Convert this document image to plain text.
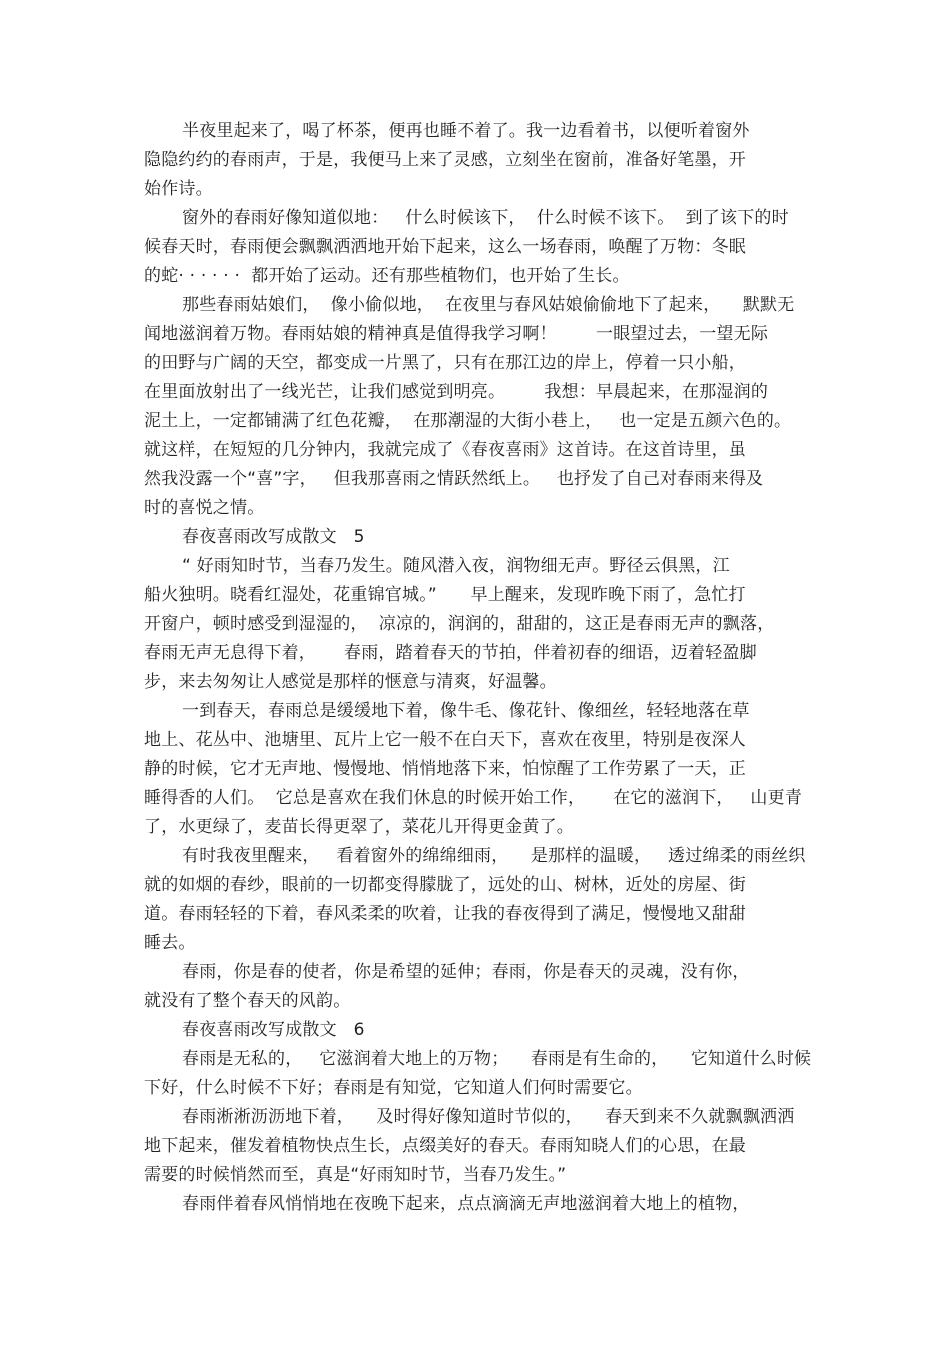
半夜里起来了，喝了杯茶，便再也睡不着了。我一边看着书，以便听着窗外
隐隐约约的春雨声，于是，我便马上来了灵感，立刻坐在窗前，准备好笔墨，开
始作诗。
窗外的春雨好像知道似地：   什么时候该下，  什么时候不该下。  到了该下的时
候春天时，春雨便会飘飘洒洒地开始下起来，这么一场春雨，唤醒了万物：冬眠
的蛇· · · · · ·  都开始了运动。还有那些植物们，也开始了生长。
那些春雨姑娘们，  像小偷似地，  在夜里与春风姑娘偷偷地下了起来，    默默无
闻地滋润着万物。春雨姑娘的精神真是值得我学习啊！       一眼望过去，一望无际
的田野与广阔的天空，都变成一片黑了，只有在那江边的岸上，停着一只小船，
在里面放射出了一线光芒，让我们感觉到明亮。       我想：早晨起来，在那湿润的
泥土上，一定都铺满了红色花瓣，  在那潮湿的大街小巷上，   也一定是五颜六色的。
就这样，在短短的几分钟内，我就完成了《春夜喜雨》这首诗。在这首诗里，虽
然我没露一个“喜”字，   但我那喜雨之情跃然纸上。   也抒发了自己对春雨来得及
时的喜悦之情。
春夜喜雨改写成散文   5
“ 好雨知时节，当春乃发生。随风潜入夜，润物细无声。野径云俱黑，江
船火独明。晓看红湿处，花重锦官城。”      早上醒来，发现昨晚下雨了，急忙打
开窗户，顿时感受到湿湿的，  凉凉的，润润的，甜甜的，这正是春雨无声的飘落，
春雨无声无息得下着，     春雨，踏着春天的节拍，伴着初春的细语，迈着轻盈脚
步，来去匆匆让人感觉是那样的惬意与清爽，好温馨。
一到春天，春雨总是缓缓地下着，像牛毛、像花针、像细丝，轻轻地落在草
地上、花丛中、池塘里、瓦片上它一般不在白天下，喜欢在夜里，特别是夜深人
静的时候，它才无声地、慢慢地、悄悄地落下来，怕惊醒了工作劳累了一天，正
睡得香的人们。  它总是喜欢在我们休息的时候开始工作，     在它的滋润下，   山更青
了，水更绿了，麦苗长得更翠了，菜花儿开得更金黄了。
有时我夜里醒来，   看着窗外的绵绵细雨，    是那样的温暖，   透过绵柔的雨丝织
就的如烟的春纱，眼前的一切都变得朦胧了，远处的山、树林，近处的房屋、街
道。春雨轻轻的下着，春风柔柔的吹着，让我的春夜得到了满足，慢慢地又甜甜
睡去。
春雨，你是春的使者，你是希望的延伸；春雨，你是春天的灵魂，没有你，
就没有了整个春天的风韵。
春夜喜雨改写成散文   6
春雨是无私的，   它滋润着大地上的万物；    春雨是有生命的，    它知道什么时候
下好，什么时候不下好；春雨是有知觉，它知道人们何时需要它。
春雨淅淅沥沥地下着，    及时得好像知道时节似的，    春天到来不久就飘飘洒洒
地下起来，催发着植物快点生长，点缀美好的春天。春雨知晓人们的心思，在最
需要的时候悄然而至，真是“好雨知时节，当春乃发生。”
春雨伴着春风悄悄地在夜晚下起来，点点滴滴无声地滋润着大地上的植物，
